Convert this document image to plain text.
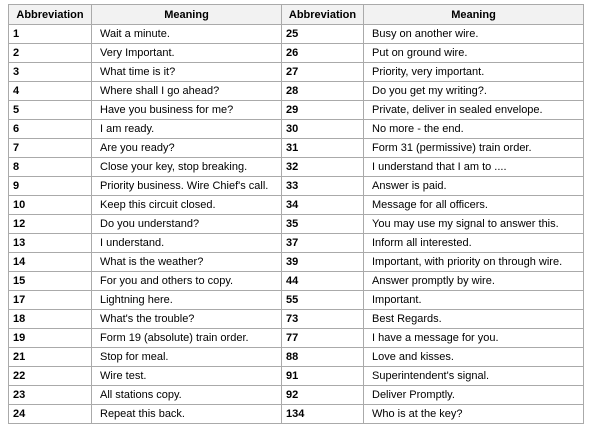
Abbreviation	Meaning	Abbreviation	Meaning
1	Wait a minute.	25	Busy on another wire.
2	Very Important.	26	Put on ground wire.
3	What time is it?	27	Priority, very important.
4	Where shall I go ahead?	28	Do you get my writing?.
5	Have you business for me?	29	Private, deliver in sealed envelope.
6	I am ready.	30	No more - the end.
7	Are you ready?	31	Form 31 (permissive) train order.
8	Close your key, stop breaking.	32	I understand that I am to ....
9	Priority business. Wire Chief's call.	33	Answer is paid.
10	Keep this circuit closed.	34	Message for all officers.
12	Do you understand?	35	You may use my signal to answer this.
13	I understand.	37	Inform all interested.
14	What is the weather?	39	Important, with priority on through wire.
15	For you and others to copy.	44	Answer promptly by wire.
17	Lightning here.	55	Important.
18	What's the trouble?	73	Best Regards.
19	Form 19 (absolute) train order.	77	I have a message for you.
21	Stop for meal.	88	Love and kisses.
22	Wire test.	91	Superintendent's signal.
23	All stations copy.	92	Deliver Promptly.
24	Repeat this back.	134	Who is at the key?
